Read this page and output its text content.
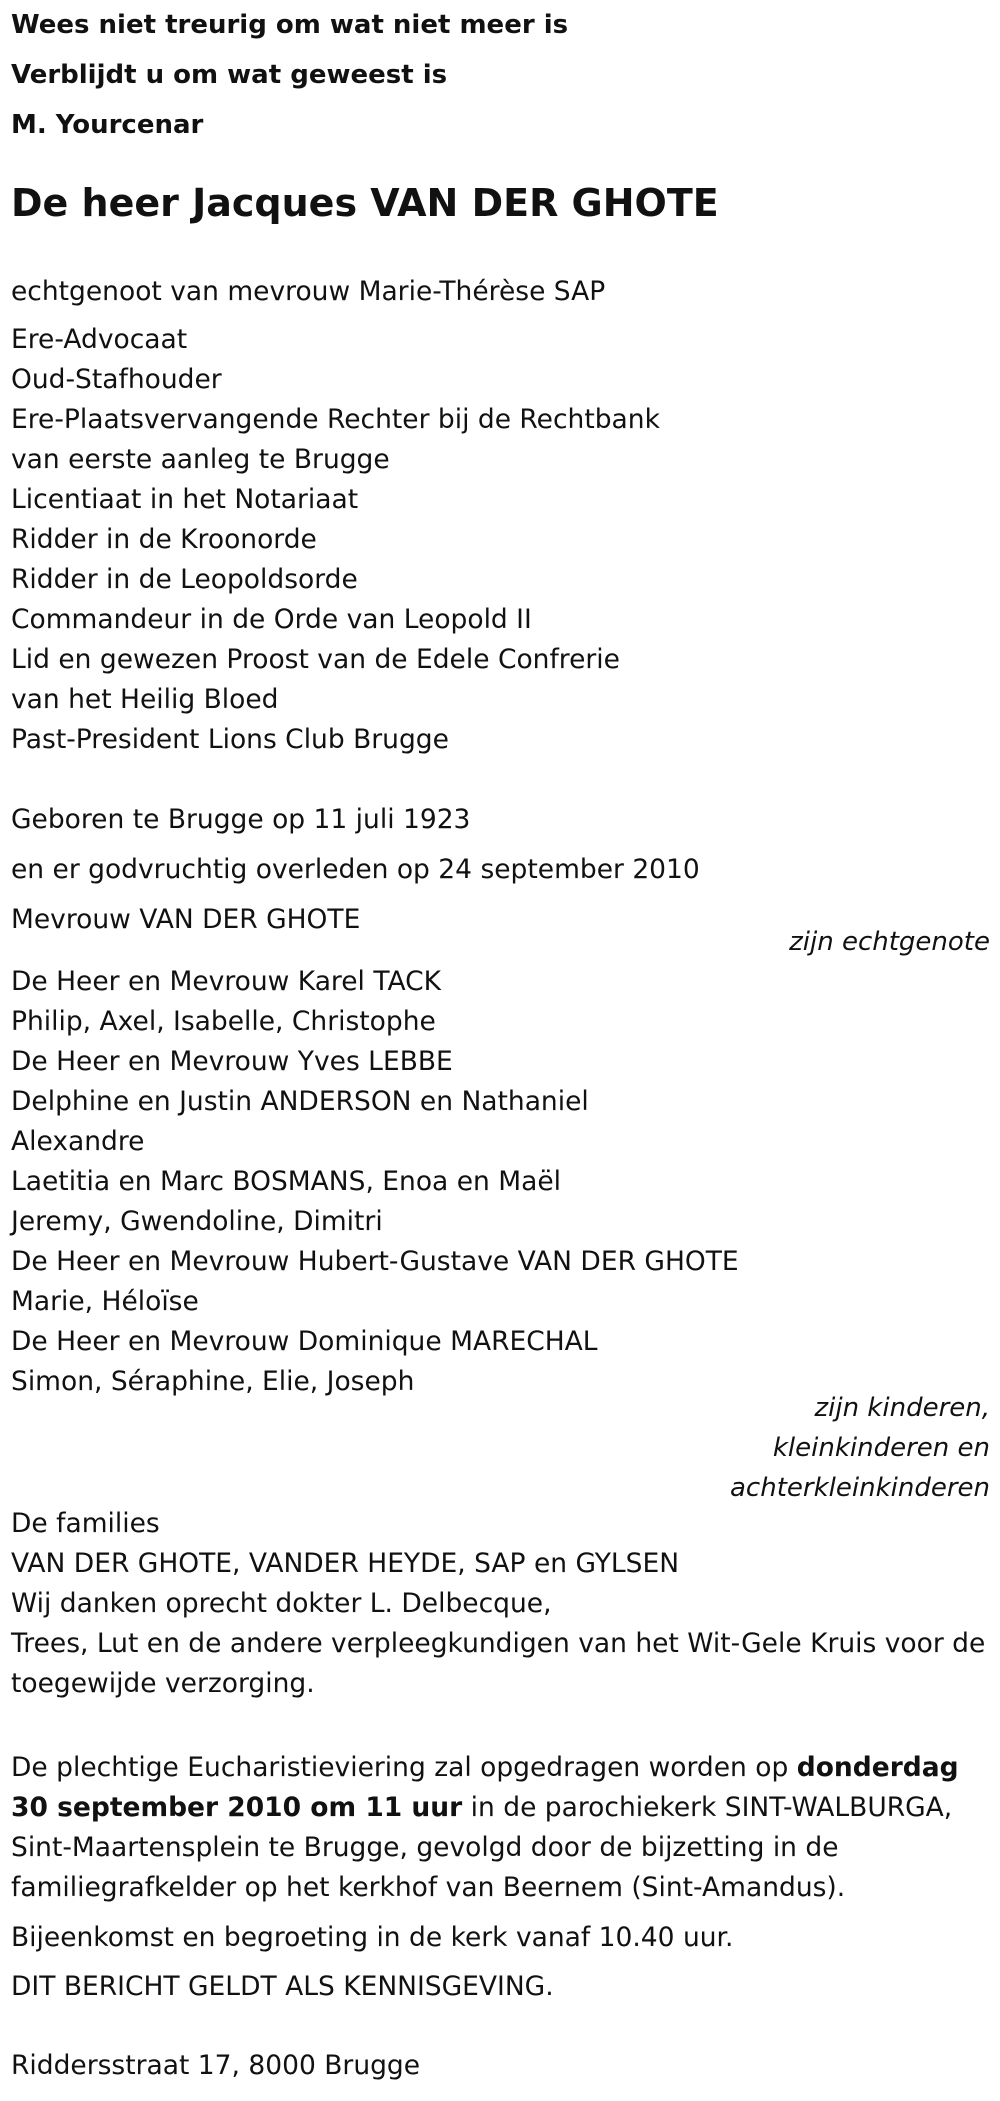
Wees niet treurig om wat niet meer is
Verblijdt u om wat geweest is
M. Yourcenar
De heer Jacques VAN DER GHOTE
echtgenoot van mevrouw Marie-Thérèse SAP
Ere-Advocaat
Oud-Stafhouder
Ere-Plaatsvervangende Rechter bij de Rechtbank
van eerste aanleg te Brugge
Licentiaat in het Notariaat
Ridder in de Kroonorde
Ridder in de Leopoldsorde
Commandeur in de Orde van Leopold II
Lid en gewezen Proost van de Edele Confrerie
van het Heilig Bloed
Past-President Lions Club Brugge
Geboren te Brugge op 11 juli 1923
en er godvruchtig overleden op 24 september 2010
Mevrouw VAN DER GHOTE
zijn echtgenote
De Heer en Mevrouw Karel TACK
Philip, Axel, Isabelle, Christophe
De Heer en Mevrouw Yves LEBBE
Delphine en Justin ANDERSON en Nathaniel
Alexandre
Laetitia en Marc BOSMANS, Enoa en Maël
Jeremy, Gwendoline, Dimitri
De Heer en Mevrouw Hubert-Gustave VAN DER GHOTE
Marie, Héloïse
De Heer en Mevrouw Dominique MARECHAL
Simon, Séraphine, Elie, Joseph
zijn kinderen,
kleinkinderen en
achterkleinkinderen
De families
VAN DER GHOTE, VANDER HEYDE, SAP en GYLSEN
Wij danken oprecht dokter L. Delbecque,
Trees, Lut en de andere verpleegkundigen van het Wit-Gele Kruis voor de
toegewijde verzorging.
De plechtige Eucharistieviering zal opgedragen worden op donderdag
30 september 2010 om 11 uur in de parochiekerk SINT-WALBURGA,
Sint-Maartensplein te Brugge, gevolgd door de bijzetting in de
familiegrafkelder op het kerkhof van Beernem (Sint-Amandus).
Bijeenkomst en begroeting in de kerk vanaf 10.40 uur.
DIT BERICHT GELDT ALS KENNISGEVING.
Riddersstraat 17, 8000 Brugge
